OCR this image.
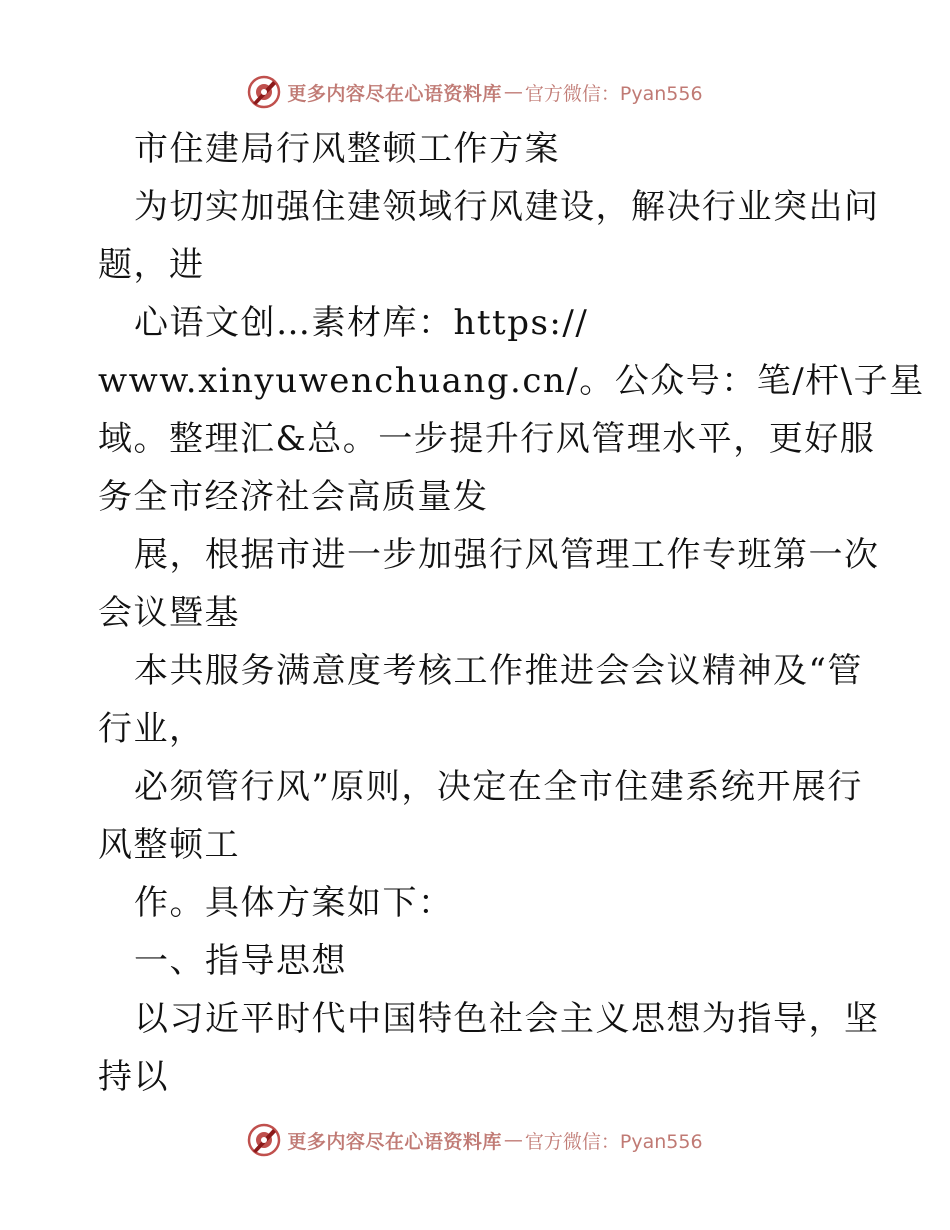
更多内容尽在心语资料库 — 官方微信：Pyan556

市住建局行风整顿工作方案

为切实加强住建领域行风建设，解决行业突出问

题，进

心语文创…素材库：https://

www.xinyuwenchuang.cn/。公众号：笔/杆\子星

域。整理汇&总。一步提升行风管理水平，更好服

务全市经济社会高质量发

展，根据市进一步加强行风管理工作专班第一次

会议暨基

本共服务满意度考核工作推进会会议精神及“管

行业，

必须管行风”原则，决定在全市住建系统开展行

风整顿工

作。具体方案如下：

一、指导思想

以习近平时代中国特色社会主义思想为指导，坚

持以

更多内容尽在心语资料库 — 官方微信：Pyan556
